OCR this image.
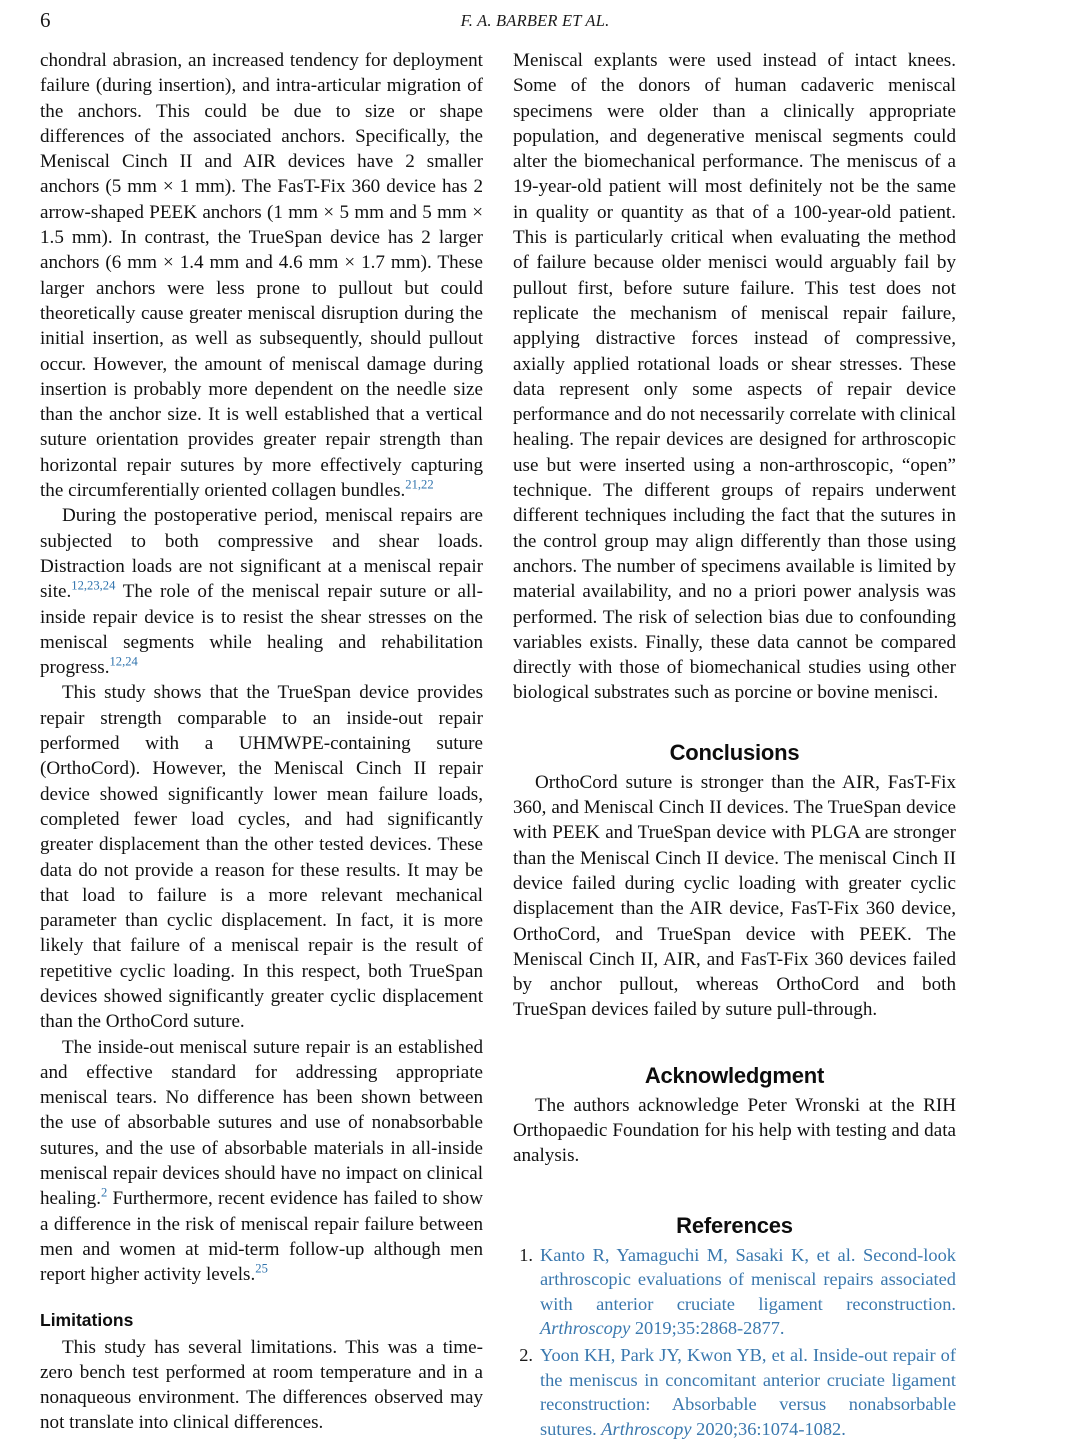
6	F. A. BARBER ET AL.

chondral abrasion, an increased tendency for deployment failure (during insertion), and intra-articular migration of the anchors. This could be due to size or shape differences of the associated anchors. Specifically, the Meniscal Cinch II and AIR devices have 2 smaller anchors (5 mm × 1 mm). The FasT-Fix 360 device has 2 arrow-shaped PEEK anchors (1 mm × 5 mm and 5 mm × 1.5 mm). In contrast, the TrueSpan device has 2 larger anchors (6 mm × 1.4 mm and 4.6 mm × 1.7 mm). These larger anchors were less prone to pullout but could theoretically cause greater meniscal disruption during the initial insertion, as well as subsequently, should pullout occur. However, the amount of meniscal damage during insertion is probably more dependent on the needle size than the anchor size. It is well established that a vertical suture orientation provides greater repair strength than horizontal repair sutures by more effectively capturing the circumferentially oriented collagen bundles.$^{21,22}$

During the postoperative period, meniscal repairs are subjected to both compressive and shear loads. Distraction loads are not significant at a meniscal repair site.$^{12,23,24}$ The role of the meniscal repair suture or all-inside repair device is to resist the shear stresses on the meniscal segments while healing and rehabilitation progress.$^{12,24}$

This study shows that the TrueSpan device provides repair strength comparable to an inside-out repair performed with a UHMWPE-containing suture (OrthoCord). However, the Meniscal Cinch II repair device showed significantly lower mean failure loads, completed fewer load cycles, and had significantly greater displacement than the other tested devices. These data do not provide a reason for these results. It may be that load to failure is a more relevant mechanical parameter than cyclic displacement. In fact, it is more likely that failure of a meniscal repair is the result of repetitive cyclic loading. In this respect, both TrueSpan devices showed significantly greater cyclic displacement than the OrthoCord suture.

The inside-out meniscal suture repair is an established and effective standard for addressing appropriate meniscal tears. No difference has been shown between the use of absorbable sutures and use of nonabsorbable sutures, and the use of absorbable materials in all-inside meniscal repair devices should have no impact on clinical healing.$^2$ Furthermore, recent evidence has failed to show a difference in the risk of meniscal repair failure between men and women at mid-term follow-up although men report higher activity levels.$^{25}$

Limitations

This study has several limitations. This was a time-zero bench test performed at room temperature and in a nonaqueous environment. The differences observed may not translate into clinical differences.

Meniscal explants were used instead of intact knees. Some of the donors of human cadaveric meniscal specimens were older than a clinically appropriate population, and degenerative meniscal segments could alter the biomechanical performance. The meniscus of a 19-year-old patient will most definitely not be the same in quality or quantity as that of a 100-year-old patient. This is particularly critical when evaluating the method of failure because older menisci would arguably fail by pullout first, before suture failure. This test does not replicate the mechanism of meniscal repair failure, applying distractive forces instead of compressive, axially applied rotational loads or shear stresses. These data represent only some aspects of repair device performance and do not necessarily correlate with clinical healing. The repair devices are designed for arthroscopic use but were inserted using a non-arthroscopic, “open” technique. The different groups of repairs underwent different techniques including the fact that the sutures in the control group may align differently than those using anchors. The number of specimens available is limited by material availability, and no a priori power analysis was performed. The risk of selection bias due to confounding variables exists. Finally, these data cannot be compared directly with those of biomechanical studies using other biological substrates such as porcine or bovine menisci.

Conclusions

OrthoCord suture is stronger than the AIR, FasT-Fix 360, and Meniscal Cinch II devices. The TrueSpan device with PEEK and TrueSpan device with PLGA are stronger than the Meniscal Cinch II device. The meniscal Cinch II device failed during cyclic loading with greater cyclic displacement than the AIR device, FasT-Fix 360 device, OrthoCord, and TrueSpan device with PEEK. The Meniscal Cinch II, AIR, and FasT-Fix 360 devices failed by anchor pullout, whereas OrthoCord and both TrueSpan devices failed by suture pull-through.

Acknowledgment

The authors acknowledge Peter Wronski at the RIH Orthopaedic Foundation for his help with testing and data analysis.

References
1. Kanto R, Yamaguchi M, Sasaki K, et al. Second-look arthroscopic evaluations of meniscal repairs associated with anterior cruciate ligament reconstruction. Arthroscopy 2019;35:2868-2877.
2. Yoon KH, Park JY, Kwon YB, et al. Inside-out repair of the meniscus in concomitant anterior cruciate ligament reconstruction: Absorbable versus nonabsorbable sutures. Arthroscopy 2020;36:1074-1082.
